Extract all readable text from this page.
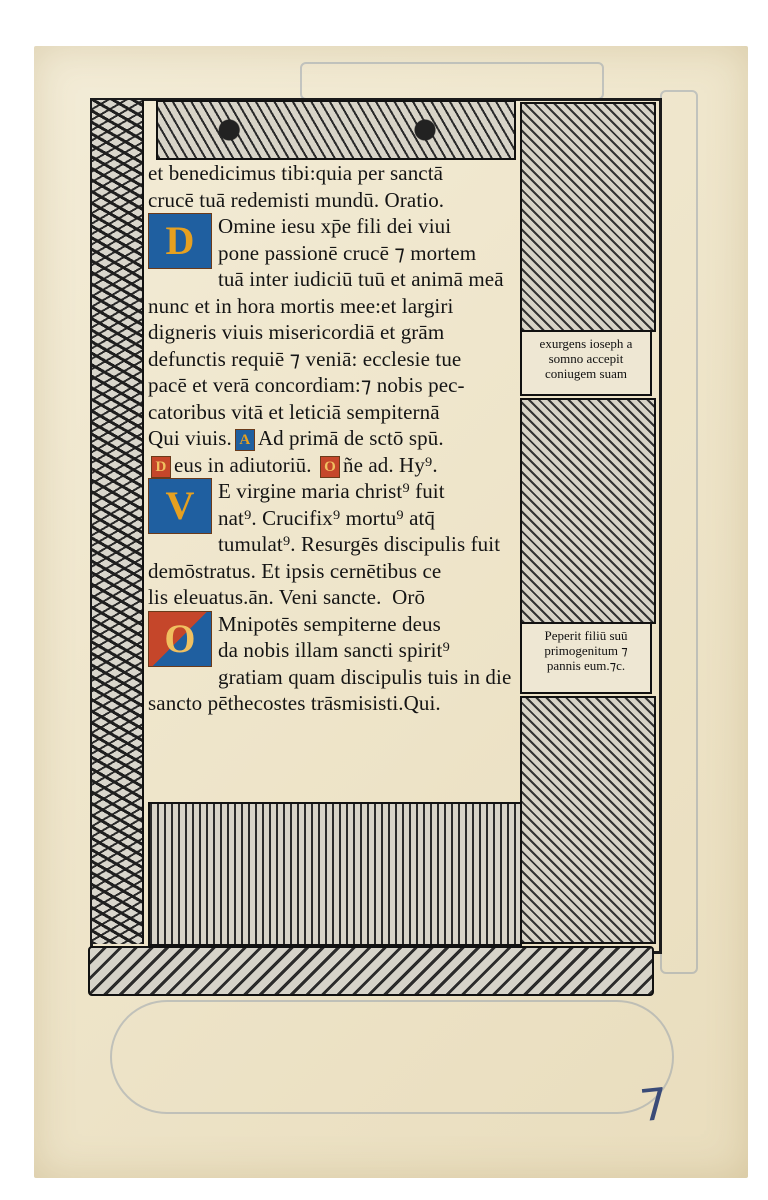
exurgens ioseph a somno accepit coniugem suam
Peperit filiū suū primogenitum ⁊ pannis eum.⁊c.
et benedicimus tibi:quia per sanctā
crucē tuā redemisti mundū. Oratio.
D	Omine iesu xp̄e fili dei viui
pone passionē crucē ⁊ mortem
tuā inter iudiciū tuū et animā meā
nunc et in hora mortis mee:et largiri
digneris viuis misericordiā et grām
defunctis requiē ⁊ veniā: ecclesie tue
pacē et verā concordiam:⁊ nobis pec-
catoribus vitā et leticiā sempiternā
Qui viuis. A Ad primā de sctō spū.
D eus in adiutoriū. O ñe ad. Hy⁹.
V	E virgine maria christ⁹ fuit
nat⁹. Crucifix⁹ mortu⁹ atq̄
tumulat⁹. Resurgēs discipulis fuit
demōstratus. Et ipsis cernētibus ce
lis eleuatus.ān. Veni sancte. Orō
O	Mnipotēs sempiterne deus
da nobis illam sancti spirit⁹
gratiam quam discipulis tuis in die
sancto pēthecostes trāsmisisti.Qui.
7
